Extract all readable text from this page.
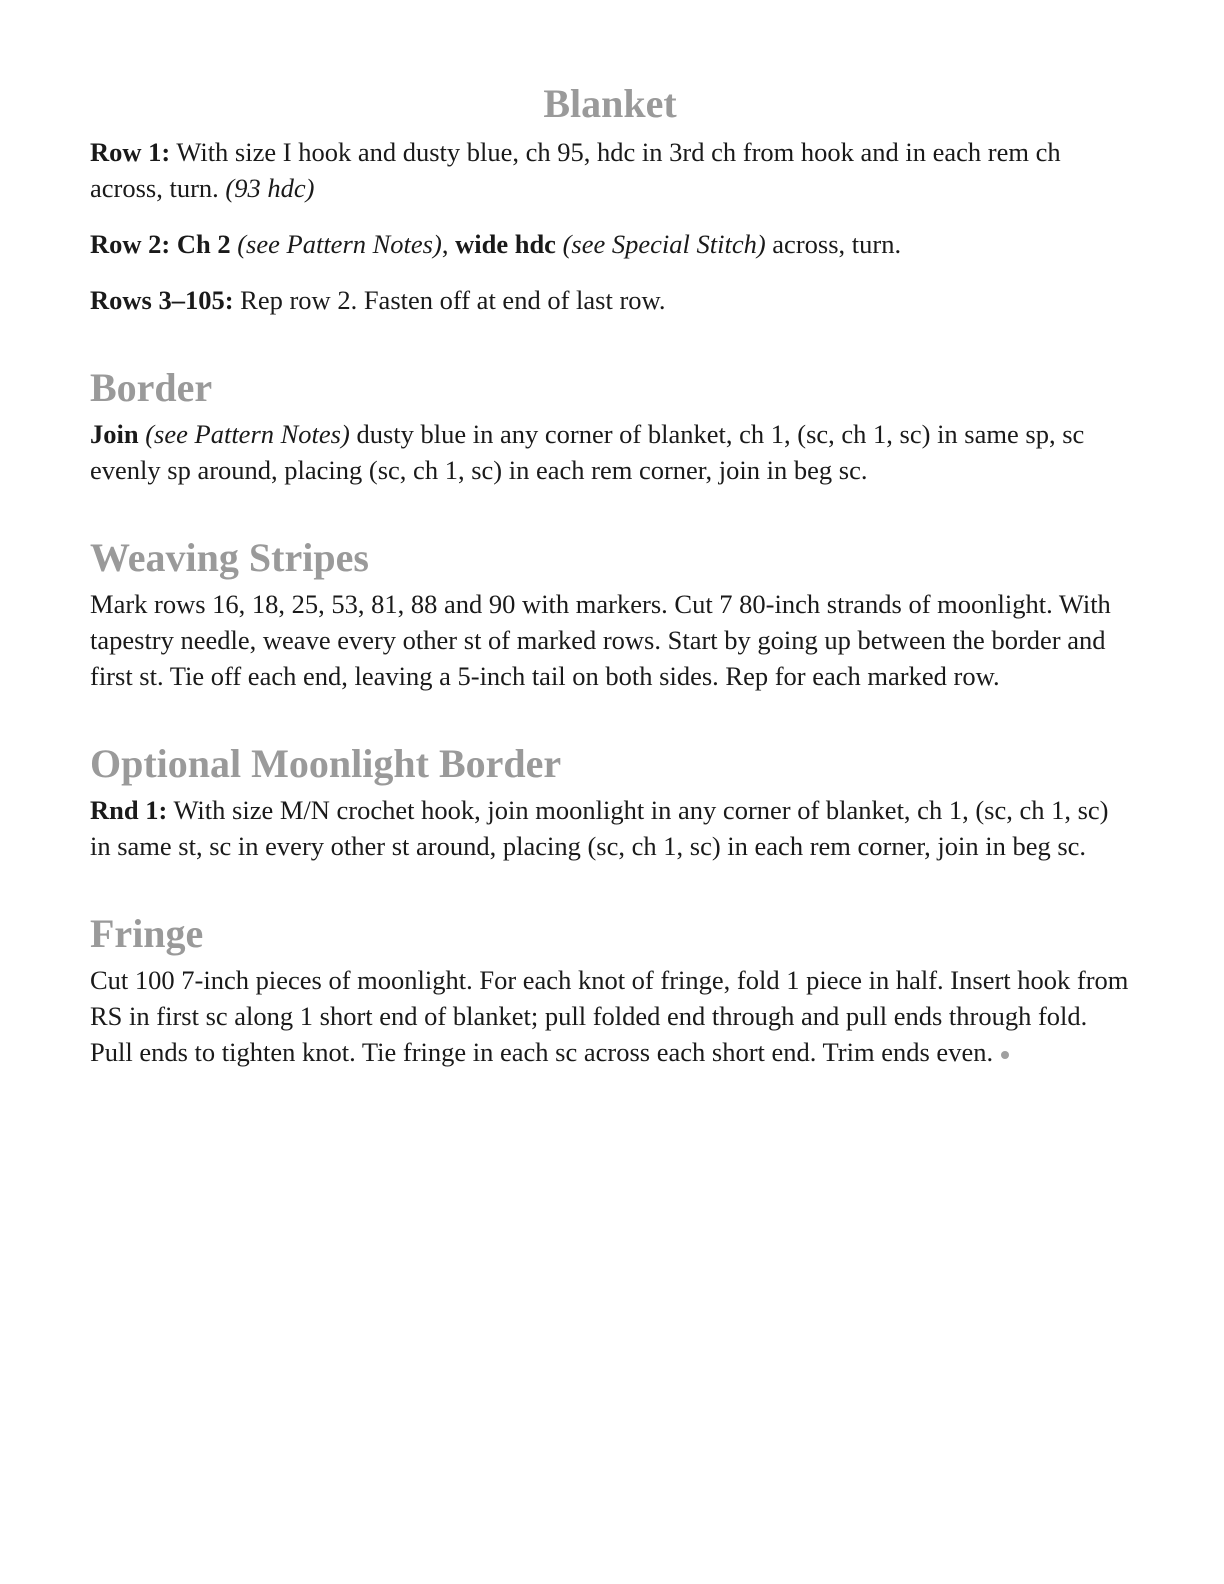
Blanket

Row 1: With size I hook and dusty blue, ch 95, hdc in 3rd ch from hook and in each rem ch across, turn. (93 hdc)

Row 2: Ch 2 (see Pattern Notes), wide hdc (see Special Stitch) across, turn.

Rows 3–105: Rep row 2. Fasten off at end of last row.

Border

Join (see Pattern Notes) dusty blue in any corner of blanket, ch 1, (sc, ch 1, sc) in same sp, sc evenly sp around, placing (sc, ch 1, sc) in each rem corner, join in beg sc.

Weaving Stripes

Mark rows 16, 18, 25, 53, 81, 88 and 90 with markers. Cut 7 80-inch strands of moonlight. With tapestry needle, weave every other st of marked rows. Start by going up between the border and first st. Tie off each end, leaving a 5-inch tail on both sides. Rep for each marked row.

Optional Moonlight Border

Rnd 1: With size M/N crochet hook, join moonlight in any corner of blanket, ch 1, (sc, ch 1, sc) in same st, sc in every other st around, placing (sc, ch 1, sc) in each rem corner, join in beg sc.

Fringe

Cut 100 7-inch pieces of moonlight. For each knot of fringe, fold 1 piece in half. Insert hook from RS in first sc along 1 short end of blanket; pull folded end through and pull ends through fold. Pull ends to tighten knot. Tie fringe in each sc across each short end. Trim ends even.
